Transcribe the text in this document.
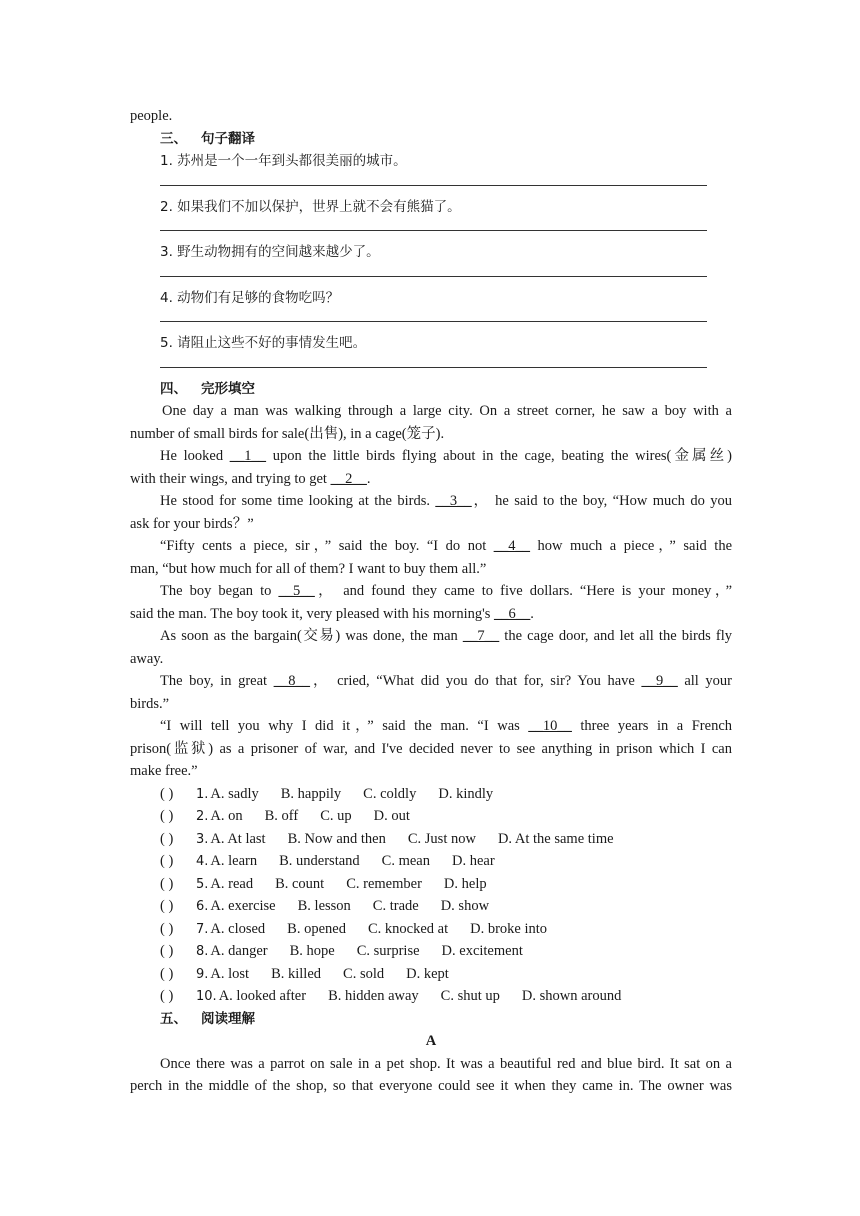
people.
三、 句子翻译
1. 苏州是一个一年到头都很美丽的城市。
2. 如果我们不加以保护，世界上就不会有熊猫了。
3. 野生动物拥有的空间越来越少了。
4. 动物们有足够的食物吃吗？
5. 请阻止这些不好的事情发生吧。
四、 完形填空
One day a man was walking through a large city. On a street corner, he saw a boy with a
number of small birds for sale(出售), in a cage(笼子).
He looked __1__ upon the little birds flying about in the cage, beating the wires(金属丝)
with their wings, and trying to get __2__.
He stood for some time looking at the birds. __3__， he said to the boy, “How much do you
ask for your birds？”
“Fifty cents a piece, sir，” said the boy. “I do not __4__ how much a piece，” said the
man, “but how much for all of them? I want to buy them all.”
The boy began to __5__， and found they came to five dollars. “Here is your money，”
said the man. The boy took it, very pleased with his morning's __6__.
As soon as the bargain(交易) was done, the man __7__ the cage door, and let all the birds fly
away.
The boy, in great __8__， cried, “What did you do that for, sir? You have __9__ all your
birds.”
“I will tell you why I did it，” said the man. “I was __10__ three years in a French
prison(监狱) as a prisoner of war, and I've decided never to see anything in prison which I can
make free.”
( ) 1. A. sadly B. happily C. coldly D. kindly
( ) 2. A. on B. off C. up D. out
( ) 3. A. At last B. Now and then C. Just now D. At the same time
( ) 4. A. learn B. understand C. mean D. hear
( ) 5. A. read B. count C. remember D. help
( ) 6. A. exercise B. lesson C. trade D. show
( ) 7. A. closed B. opened C. knocked at D. broke into
( ) 8. A. danger B. hope C. surprise D. excitement
( ) 9. A. lost B. killed C. sold D. kept
( ) 10. A. looked after B. hidden away C. shut up D. shown around
五、 阅读理解
A
Once there was a parrot on sale in a pet shop. It was a beautiful red and blue bird. It sat on a
perch in the middle of the shop, so that everyone could see it when they came in. The owner was
